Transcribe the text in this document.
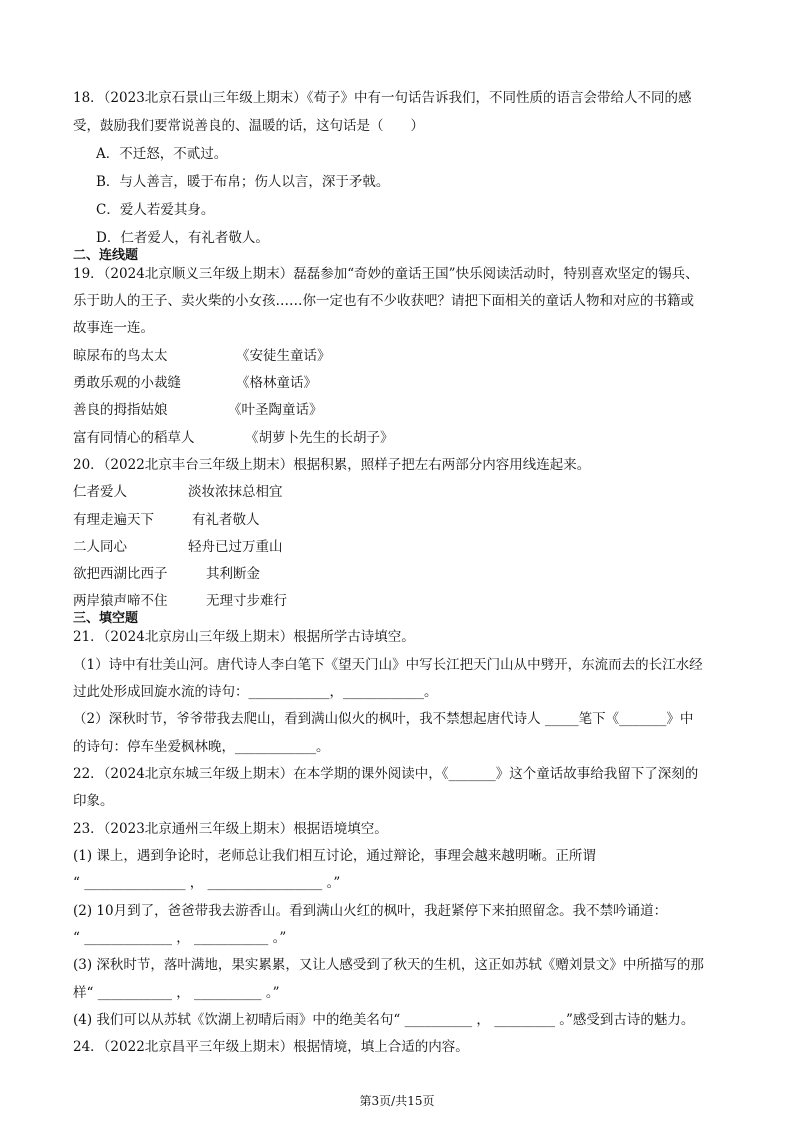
18．（2023北京石景山三年级上期末）《荀子》中有一句话告诉我们，不同性质的语言会带给人不同的感
受，鼓励我们要常说善良的、温暖的话，这句话是（　　）
A．不迁怒，不贰过。
B．与人善言，暖于布帛；伤人以言，深于矛戟。
C．爱人若爱其身。
D．仁者爱人，有礼者敬人。
二、连线题
19．（2024北京顺义三年级上期末）磊磊参加“奇妙的童话王国”快乐阅读活动时，特别喜欢坚定的锡兵、
乐于助人的王子、卖火柴的小女孩……你一定也有不少收获吧？请把下面相关的童话人物和对应的书籍或
故事连一连。
晾尿布的鸟太太	《安徒生童话》
勇敢乐观的小裁缝	《格林童话》
善良的拇指姑娘	《叶圣陶童话》
富有同情心的稻草人	《胡萝卜先生的长胡子》
20．（2022北京丰台三年级上期末）根据积累，照样子把左右两部分内容用线连起来。
仁者爱人	淡妆浓抹总相宜
有理走遍天下	有礼者敬人
二人同心	轻舟已过万重山
欲把西湖比西子	其利断金
两岸猿声啼不住	无理寸步难行
三、填空题
21．（2024北京房山三年级上期末）根据所学古诗填空。
（1）诗中有壮美山河。唐代诗人李白笔下《望天门山》中写长江把天门山从中劈开，东流而去的长江水经
过此处形成回旋水流的诗句：____________，____________。
（2）深秋时节，爷爷带我去爬山，看到满山似火的枫叶，我不禁想起唐代诗人 _____笔下《_______》中
的诗句：停车坐爱枫林晚，____________。
22．（2024北京东城三年级上期末）在本学期的课外阅读中，《_______》这个童话故事给我留下了深刻的
印象。
23．（2023北京通州三年级上期末）根据语境填空。
(1) 课上，遇到争论时，老师总让我们相互讨论，通过辩论，事理会越来越明晰。正所谓
“ _______________ ， _________________ 。”
(2) 10月到了，爸爸带我去游香山。看到满山火红的枫叶，我赶紧停下来拍照留念。我不禁吟诵道：
“ _____________ ， ___________ 。”
(3) 深秋时节，落叶满地，果实累累，又让人感受到了秋天的生机，这正如苏轼《赠刘景文》中所描写的那
样“ ___________ ， __________ 。”
(4) 我们可以从苏轼《饮湖上初晴后雨》中的绝美名句“ __________ ， _________ 。”感受到古诗的魅力。
24．（2022北京昌平三年级上期末）根据情境，填上合适的内容。
第3页/共15页
